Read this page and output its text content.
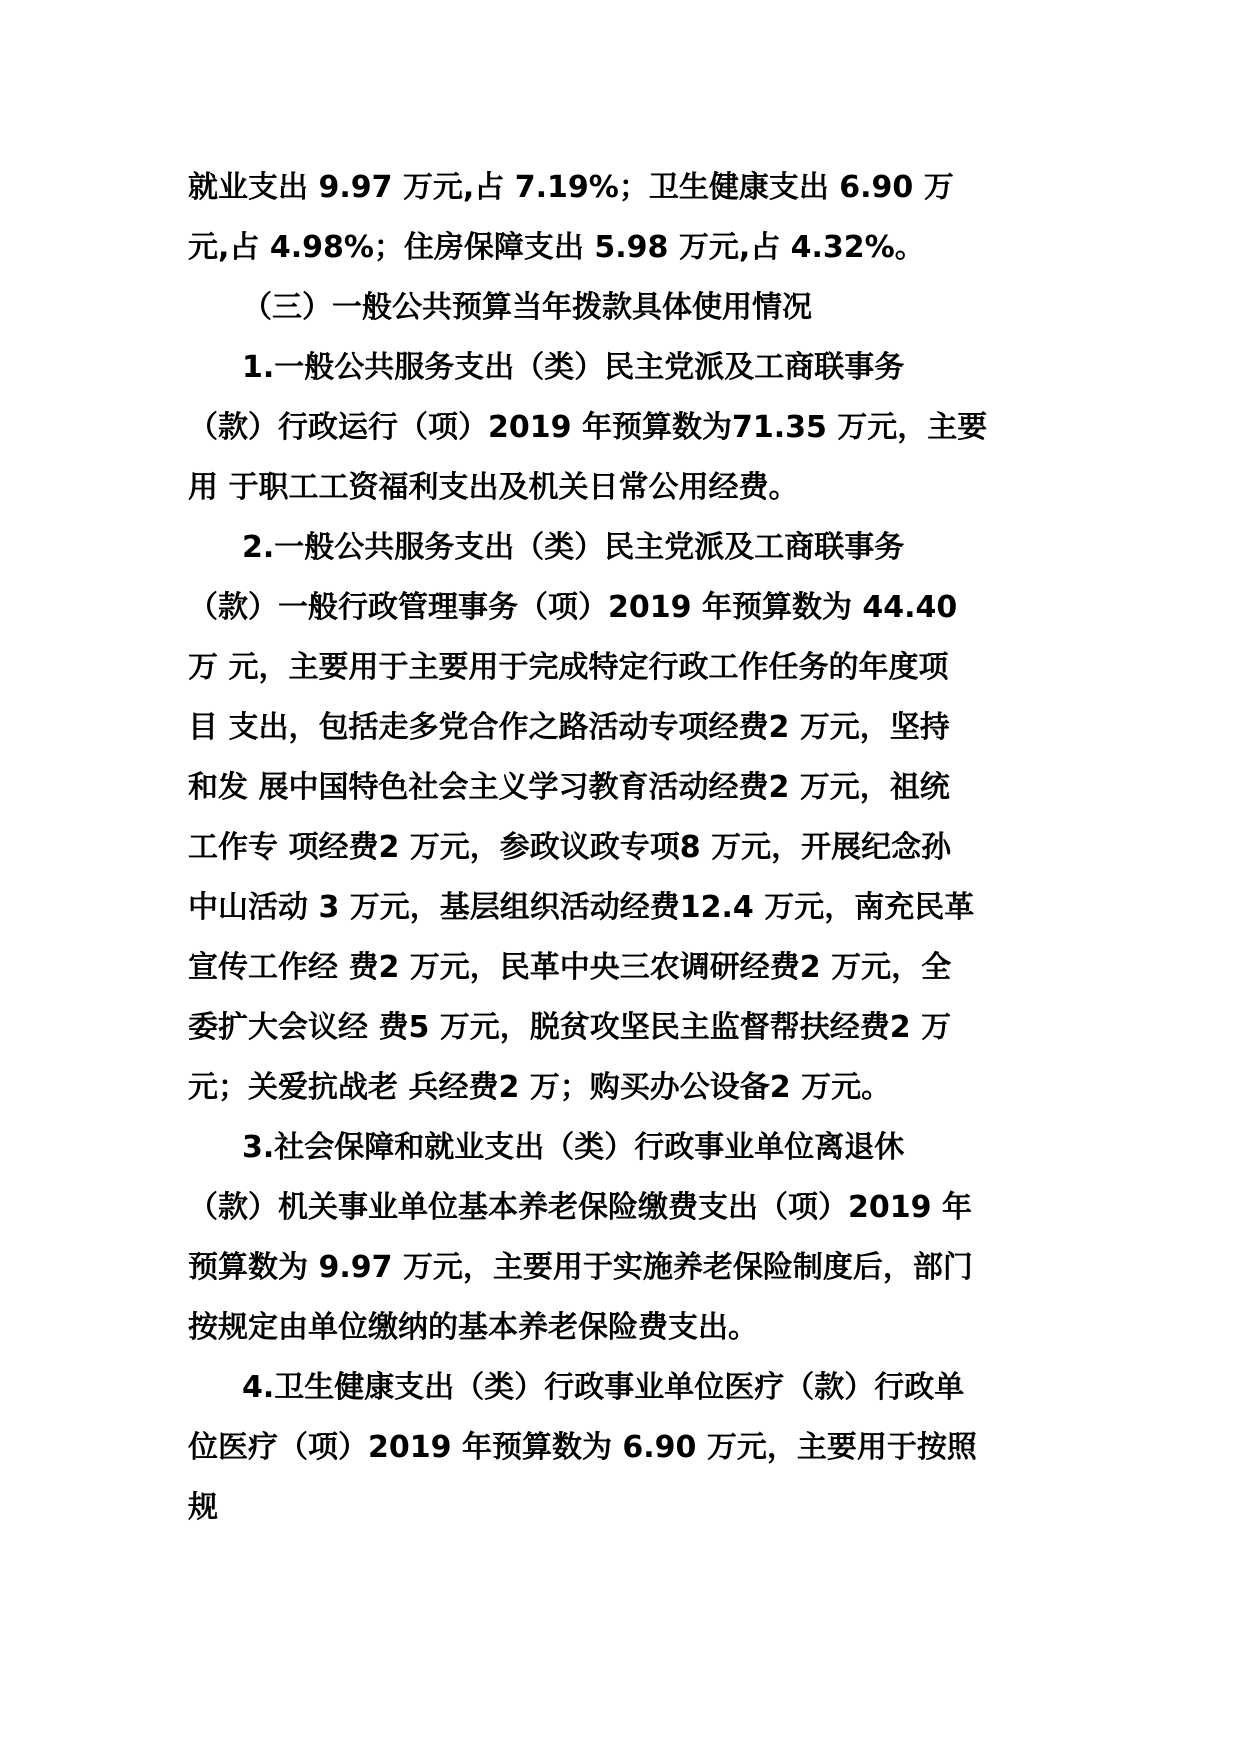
就业支出 9.97 万元,占 7.19%；卫生健康支出 6.90 万
元,占 4.98%；住房保障支出 5.98 万元,占 4.32%。
（三）一般公共预算当年拨款具体使用情况
1.一般公共服务支出（类）民主党派及工商联事务
（款）行政运行（项）2019 年预算数为71.35 万元，主要
用 于职工工资福利支出及机关日常公用经费。
2.一般公共服务支出（类）民主党派及工商联事务
（款）一般行政管理事务（项）2019 年预算数为 44.40
万 元，主要用于主要用于完成特定行政工作任务的年度项
目 支出，包括走多党合作之路活动专项经费2 万元，坚持
和发 展中国特色社会主义学习教育活动经费2 万元，祖统
工作专 项经费2 万元，参政议政专项8 万元，开展纪念孙
中山活动 3 万元，基层组织活动经费12.4 万元，南充民革
宣传工作经 费2 万元，民革中央三农调研经费2 万元，全
委扩大会议经 费5 万元，脱贫攻坚民主监督帮扶经费2 万
元；关爱抗战老 兵经费2 万；购买办公设备2 万元。
3.社会保障和就业支出（类）行政事业单位离退休
（款）机关事业单位基本养老保险缴费支出（项）2019 年
预算数为 9.97 万元，主要用于实施养老保险制度后，部门
按规定由单位缴纳的基本养老保险费支出。
4.卫生健康支出（类）行政事业单位医疗（款）行政单
位医疗（项）2019 年预算数为 6.90 万元，主要用于按照
规
